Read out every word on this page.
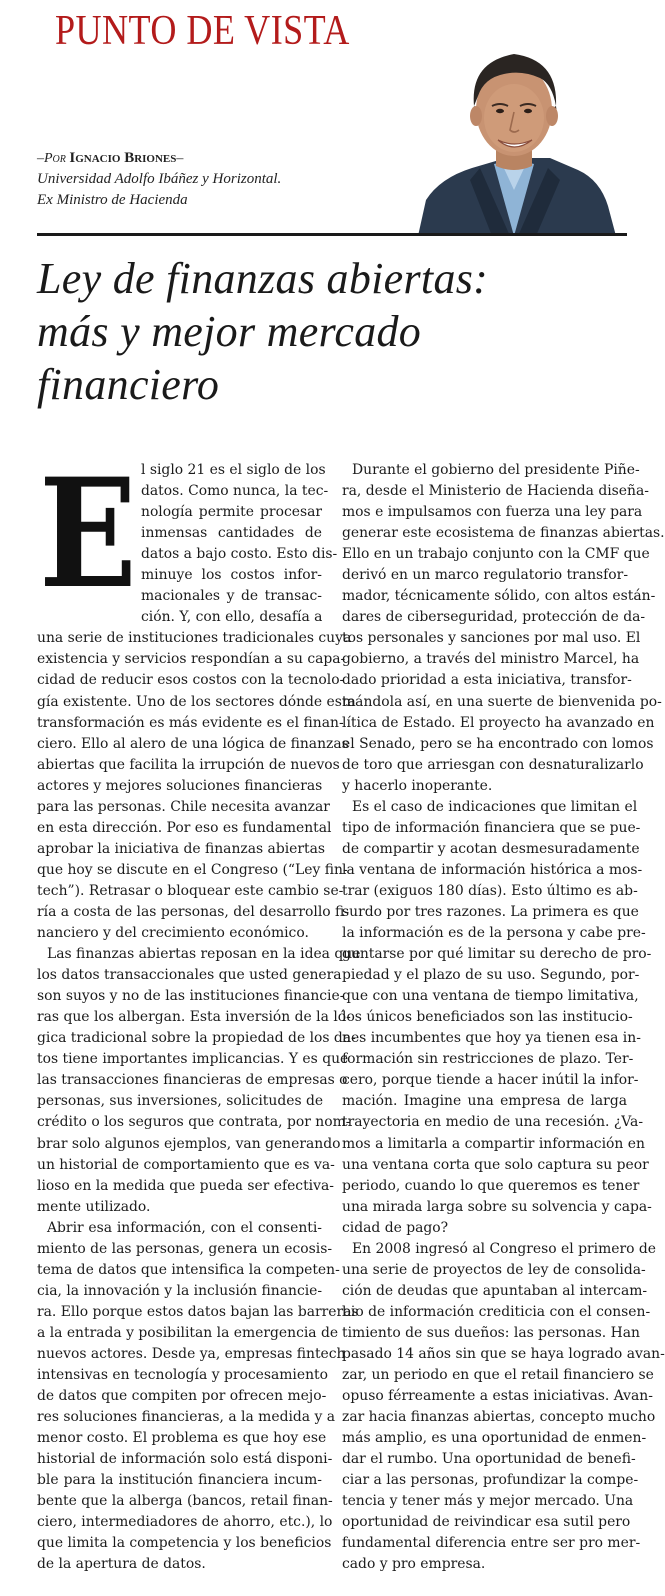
PUNTO DE VISTA
–Por Ignacio Briones–
Universidad Adolfo Ibáñez y Horizontal.
Ex Ministro de Hacienda
Ley de finanzas abiertas:
más y mejor mercado
financiero
E l siglo 21 es el siglo de los
datos. Como nunca, la tec-
nología permite procesar
inmensas cantidades de
datos a bajo costo. Esto dis-
minuye los costos infor-
macionales y de transac-
ción. Y, con ello, desafía a
una serie de instituciones tradicionales cuya
existencia y servicios respondían a su capa-
cidad de reducir esos costos con la tecnolo-
gía existente. Uno de los sectores dónde esta
transformación es más evidente es el finan-
ciero. Ello al alero de una lógica de finanzas
abiertas que facilita la irrupción de nuevos
actores y mejores soluciones financieras
para las personas. Chile necesita avanzar
en esta dirección. Por eso es fundamental
aprobar la iniciativa de finanzas abiertas
que hoy se discute en el Congreso (“Ley fin-
tech”). Retrasar o bloquear este cambio se-
ría a costa de las personas, del desarrollo fi-
nanciero y del crecimiento económico.
Las finanzas abiertas reposan en la idea que
los datos transaccionales que usted genera
son suyos y no de las instituciones financie-
ras que los albergan. Esta inversión de la ló-
gica tradicional sobre la propiedad de los da-
tos tiene importantes implicancias. Y es que
las transacciones financieras de empresas o
personas, sus inversiones, solicitudes de
crédito o los seguros que contrata, por nom-
brar solo algunos ejemplos, van generando
un historial de comportamiento que es va-
lioso en la medida que pueda ser efectiva-
mente utilizado.
Abrir esa información, con el consenti-
miento de las personas, genera un ecosis-
tema de datos que intensifica la competen-
cia, la innovación y la inclusión financie-
ra. Ello porque estos datos bajan las barreras
a la entrada y posibilitan la emergencia de
nuevos actores. Desde ya, empresas fintech
intensivas en tecnología y procesamiento
de datos que compiten por ofrecen mejo-
res soluciones financieras, a la medida y a
menor costo. El problema es que hoy ese
historial de información solo está disponi-
ble para la institución financiera incum-
bente que la alberga (bancos, retail finan-
ciero, intermediadores de ahorro, etc.), lo
que limita la competencia y los beneficios
de la apertura de datos.
Durante el gobierno del presidente Piñe-
ra, desde el Ministerio de Hacienda diseña-
mos e impulsamos con fuerza una ley para
generar este ecosistema de finanzas abiertas.
Ello en un trabajo conjunto con la CMF que
derivó en un marco regulatorio transfor-
mador, técnicamente sólido, con altos están-
dares de ciberseguridad, protección de da-
tos personales y sanciones por mal uso. El
gobierno, a través del ministro Marcel, ha
dado prioridad a esta iniciativa, transfor-
mándola así, en una suerte de bienvenida po-
lítica de Estado. El proyecto ha avanzado en
el Senado, pero se ha encontrado con lomos
de toro que arriesgan con desnaturalizarlo
y hacerlo inoperante.
Es el caso de indicaciones que limitan el
tipo de información financiera que se pue-
de compartir y acotan desmesuradamente
la ventana de información histórica a mos-
trar (exiguos 180 días). Esto último es ab-
surdo por tres razones. La primera es que
la información es de la persona y cabe pre-
guntarse por qué limitar su derecho de pro-
piedad y el plazo de su uso. Segundo, por-
que con una ventana de tiempo limitativa,
los únicos beneficiados son las institucio-
nes incumbentes que hoy ya tienen esa in-
formación sin restricciones de plazo. Ter-
cero, porque tiende a hacer inútil la infor-
mación. Imagine una empresa de larga
trayectoria en medio de una recesión. ¿Va-
mos a limitarla a compartir información en
una ventana corta que solo captura su peor
periodo, cuando lo que queremos es tener
una mirada larga sobre su solvencia y capa-
cidad de pago?
En 2008 ingresó al Congreso el primero de
una serie de proyectos de ley de consolida-
ción de deudas que apuntaban al intercam-
bio de información crediticia con el consen-
timiento de sus dueños: las personas. Han
pasado 14 años sin que se haya logrado avan-
zar, un periodo en que el retail financiero se
opuso férreamente a estas iniciativas. Avan-
zar hacia finanzas abiertas, concepto mucho
más amplio, es una oportunidad de enmen-
dar el rumbo. Una oportunidad de benefi-
ciar a las personas, profundizar la compe-
tencia y tener más y mejor mercado. Una
oportunidad de reivindicar esa sutil pero
fundamental diferencia entre ser pro mer-
cado y pro empresa.
